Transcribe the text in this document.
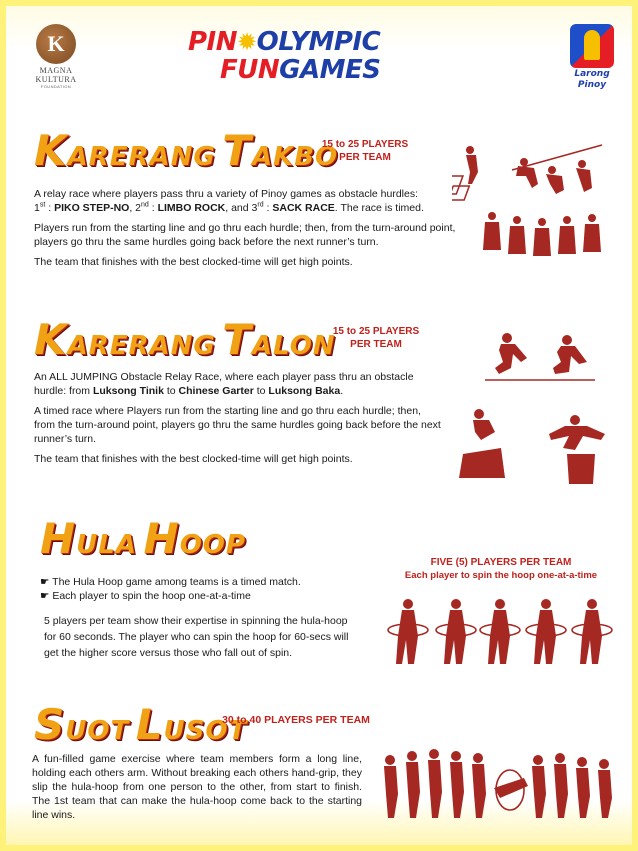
K
MAGNA
KULTURA
FOUNDATION
PIN✹OLYMPIC
FUNGAMES	Larong
Pinoy
KARERANG TAKBO
15 to 25 PLAYERS
PER TEAM

A relay race where players pass thru a variety of Pinoy games as obstacle hurdles:
1st : PIKO STEP-NO, 2nd : LIMBO ROCK, and 3rd : SACK RACE. The race is timed.

Players run from the starting line and go thru each hurdle; then, from the turn-around point, players go thru the same hurdles going back before the next runner’s turn.

The team that finishes with the best clocked-time will get high points.

KARERANG TALON
15 to 25 PLAYERS
PER TEAM

An ALL JUMPING Obstacle Relay Race, where each player pass thru an obstacle hurdle: from Luksong Tinik to Chinese Garter to Luksong Baka.

A timed race where Players run from the starting line and go thru each hurdle; then, from the turn-around point, players go thru the same hurdles going back before the next runner’s turn.

The team that finishes with the best clocked-time will get high points.

HULA HOOP
FIVE (5) PLAYERS PER TEAM
Each player to spin the hoop one-at-a-time
☛ The Hula Hoop game among teams is a timed match.
☛ Each player to spin the hoop one-at-a-time

5 players per team show their expertise in spinning the hula-hoop for 60 seconds. The player who can spin the hoop for 60-secs will get the higher score versus those who fall out of spin.

SUOT LUSOT
30 to 40 PLAYERS PER TEAM

A fun-filled game exercise where team members form a long line, holding each others arm. Without breaking each others hand-grip, they slip the hula-hoop from one person to the other, from start to finish. The 1st team that can make the hula-hoop come back to the starting line wins.
